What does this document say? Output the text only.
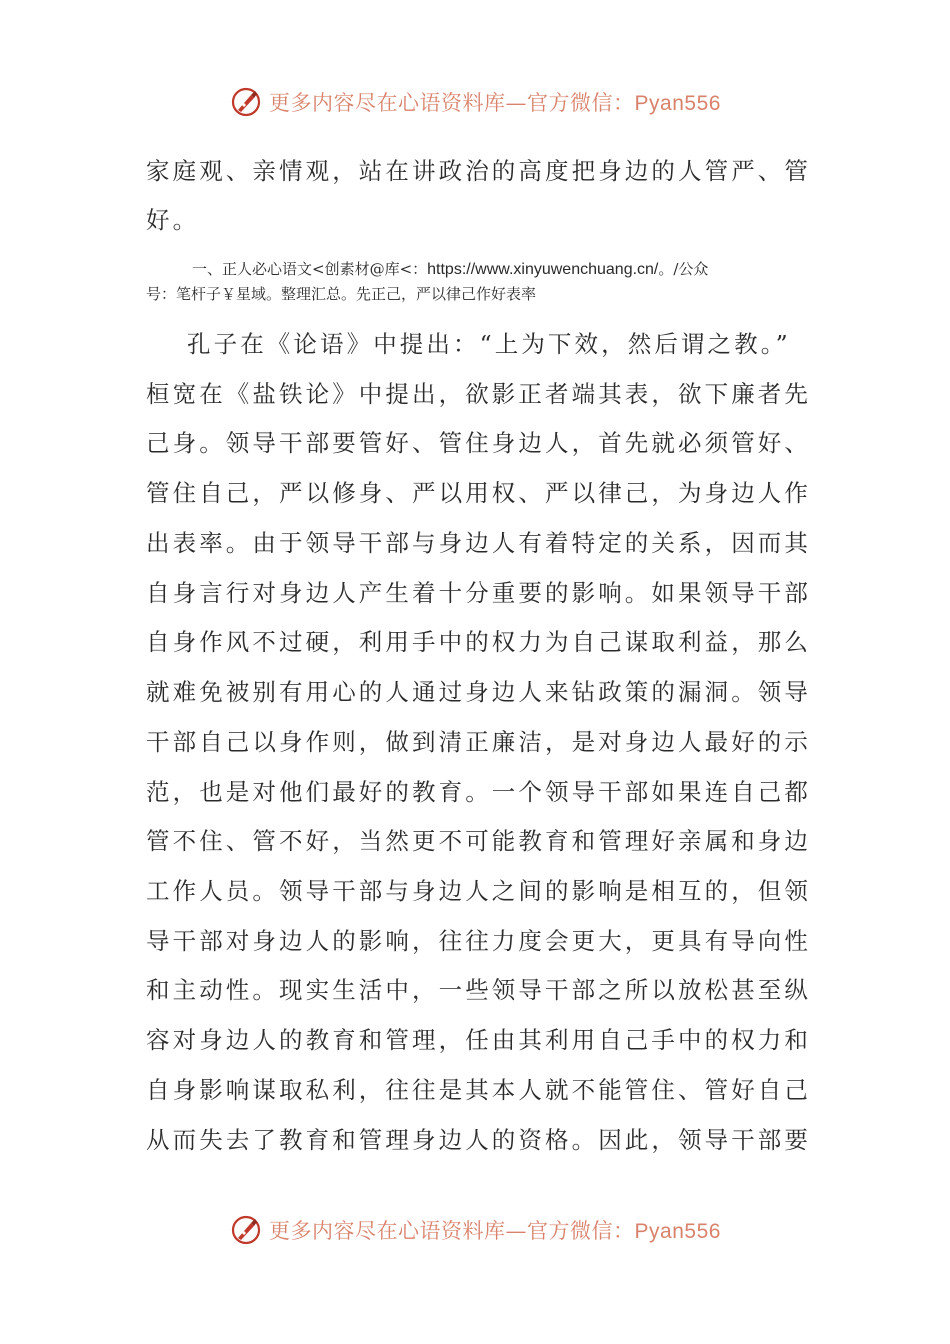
更多内容尽在心语资料库—官方微信：Pyan556
家庭观、亲情观，站在讲政治的高度把身边的人管严、管
好。
一、正人必心语文<创素材@库<：https://www.xinyuwenchuang.cn/。/公众
号：笔杆子￥星域。整理汇总。先正己，严以律己作好表率
孔子在《论语》中提出：“上为下效，然后谓之教。”
桓宽在《盐铁论》中提出，欲影正者端其表，欲下廉者先
己身。领导干部要管好、管住身边人，首先就必须管好、
管住自己，严以修身、严以用权、严以律己，为身边人作
出表率。由于领导干部与身边人有着特定的关系，因而其
自身言行对身边人产生着十分重要的影响。如果领导干部
自身作风不过硬，利用手中的权力为自己谋取利益，那么
就难免被别有用心的人通过身边人来钻政策的漏洞。领导
干部自己以身作则，做到清正廉洁，是对身边人最好的示
范，也是对他们最好的教育。一个领导干部如果连自己都
管不住、管不好，当然更不可能教育和管理好亲属和身边
工作人员。领导干部与身边人之间的影响是相互的，但领
导干部对身边人的影响，往往力度会更大，更具有导向性
和主动性。现实生活中，一些领导干部之所以放松甚至纵
容对身边人的教育和管理，任由其利用自己手中的权力和
自身影响谋取私利，往往是其本人就不能管住、管好自己
从而失去了教育和管理身边人的资格。因此，领导干部要
更多内容尽在心语资料库—官方微信：Pyan556
